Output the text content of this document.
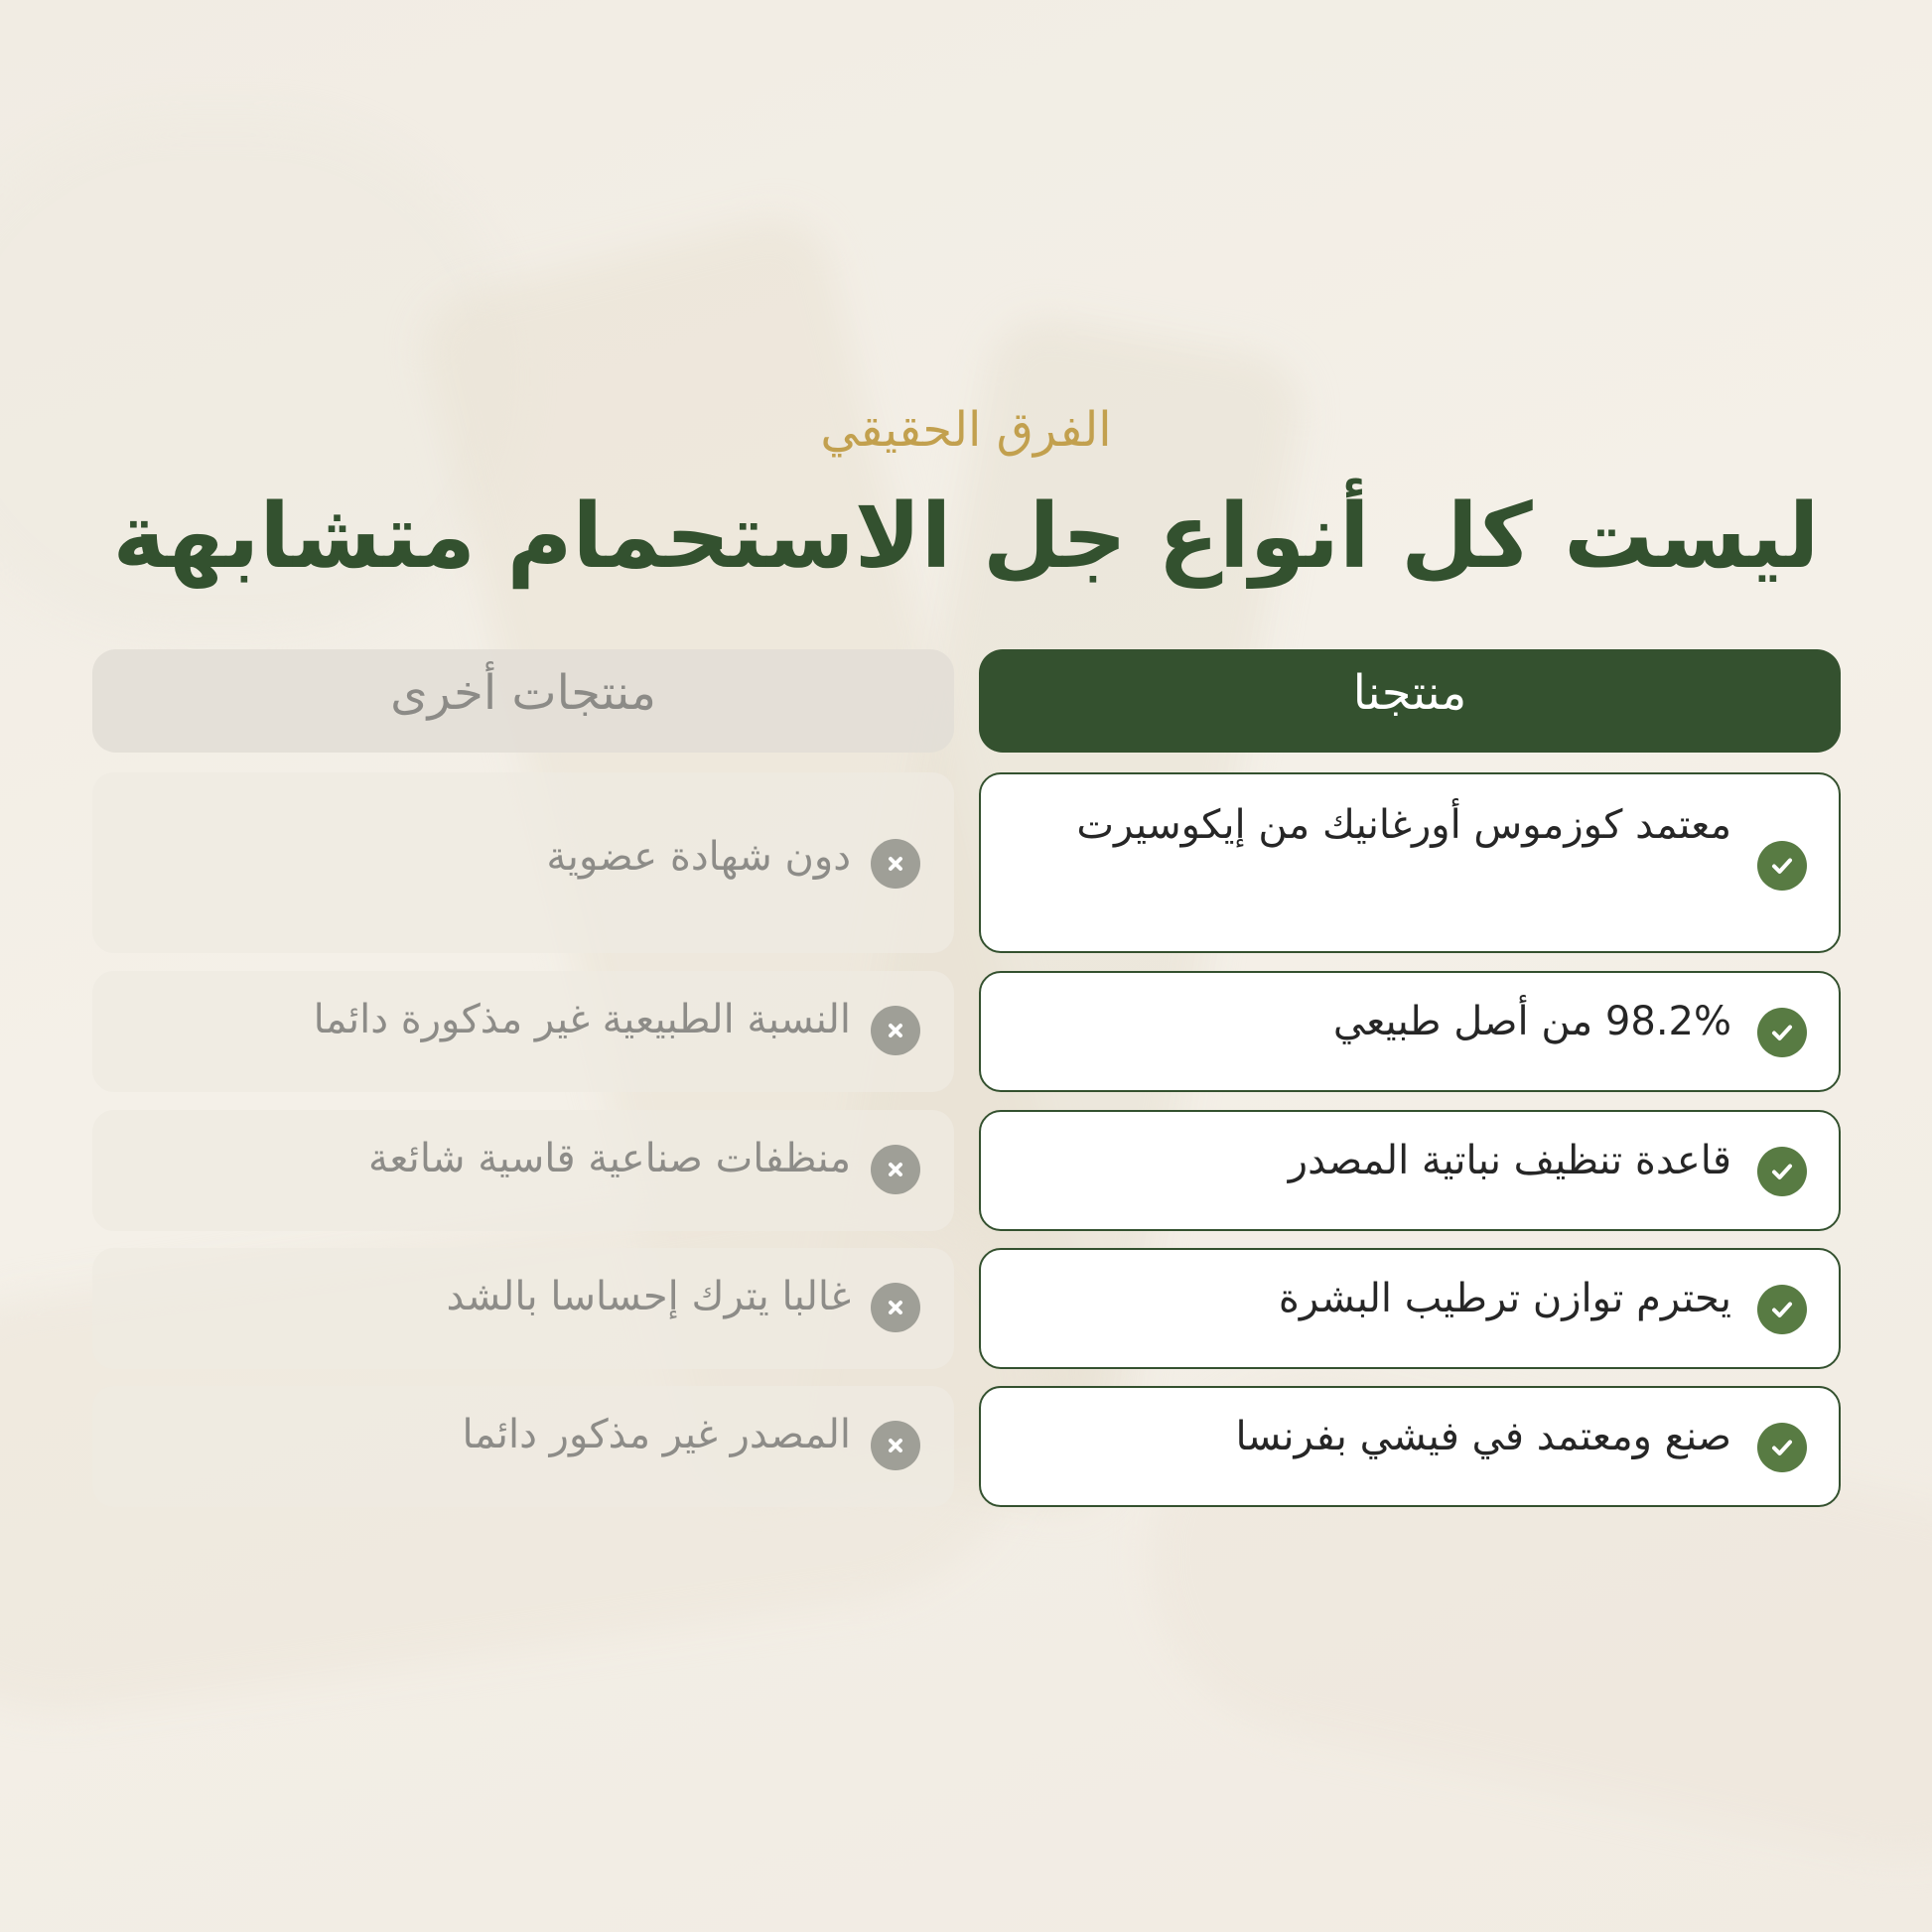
الفرق الحقيقي

ليست كل أنواع جل الاستحمام متشابهة
منتجنا
منتجات أخرى
معتمد كوزموس أورغانيك من إيكوسيرت
98.2% من أصل طبيعي
قاعدة تنظيف نباتية المصدر
يحترم توازن ترطيب البشرة
صنع ومعتمد في فيشي بفرنسا
دون شهادة عضوية
النسبة الطبيعية غير مذكورة دائما
منظفات صناعية قاسية شائعة
غالبا يترك إحساسا بالشد
المصدر غير مذكور دائما
